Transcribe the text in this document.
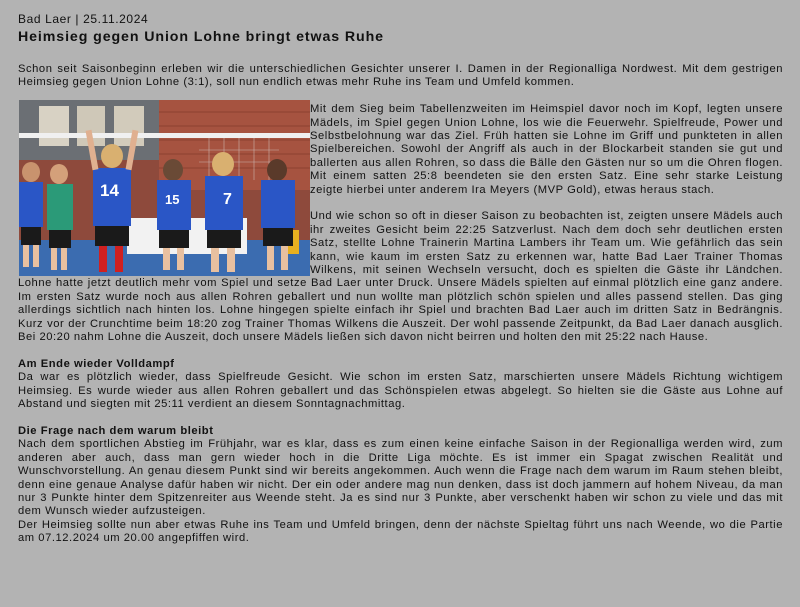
Bad Laer | 25.11.2024

Heimsieg gegen Union Lohne bringt etwas Ruhe

Schon seit Saisonbeginn erleben wir die unterschiedlichen Gesichter unserer I. Damen in der Regionalliga Nordwest. Mit dem gestrigen Heimsieg gegen Union Lohne (3:1), soll nun endlich etwas mehr Ruhe ins Team und Umfeld kommen.

14	15	7

Mit dem Sieg beim Tabellenzweiten im Heimspiel davor noch im Kopf, legten unsere Mädels, im Spiel gegen Union Lohne, los wie die Feuerwehr. Spielfreude, Power und Selbstbelohnung war das Ziel. Früh hatten sie Lohne im Griff und punkteten in allen Spielbereichen. Sowohl der Angriff als auch in der Blockarbeit standen sie gut und ballerten aus allen Rohren, so dass die Bälle den Gästen nur so um die Ohren flogen. Mit einem satten 25:8 beendeten sie den ersten Satz. Eine sehr starke Leistung zeigte hierbei unter anderem Ira Meyers (MVP Gold), etwas heraus stach.

Und wie schon so oft in dieser Saison zu beobachten ist, zeigten unsere Mädels auch ihr zweites Gesicht beim 22:25 Satzverlust. Nach dem doch sehr deutlichen ersten Satz, stellte Lohne Trainerin Martina Lambers ihr Team um. Wie gefährlich das sein kann, wie kaum im ersten Satz zu erkennen war, hatte Bad Laer Trainer Thomas Wilkens, mit seinen Wechseln versucht, doch es spielten die Gäste ihr Ländchen. Lohne hatte jetzt deutlich mehr vom Spiel und setze Bad Laer unter Druck. Unsere Mädels spielten auf einmal plötzlich eine ganz andere. Im ersten Satz wurde noch aus allen Rohren geballert und nun wollte man plötzlich schön spielen und alles passend stellen. Das ging allerdings sichtlich nach hinten los. Lohne hingegen spielte einfach ihr Spiel und brachten Bad Laer auch im dritten Satz in Bedrängnis. Kurz vor der Crunchtime beim 18:20 zog Trainer Thomas Wilkens die Auszeit. Der wohl passende Zeitpunkt, da Bad Laer danach ausglich. Bei 20:20 nahm Lohne die Auszeit, doch unsere Mädels ließen sich davon nicht beirren und holten den mit 25:22 nach Hause.

Am Ende wieder Volldampf

Da war es plötzlich wieder, dass Spielfreude Gesicht. Wie schon im ersten Satz, marschierten unsere Mädels Richtung wichtigem Heimsieg. Es wurde wieder aus allen Rohren geballert und das Schönspielen etwas abgelegt. So hielten sie die Gäste aus Lohne auf Abstand und siegten mit 25:11 verdient an diesem Sonntagnachmittag.

Die Frage nach dem warum bleibt

Nach dem sportlichen Abstieg im Frühjahr, war es klar, dass es zum einen keine einfache Saison in der Regionalliga werden wird, zum anderen aber auch, dass man gern wieder hoch in die Dritte Liga möchte. Es ist immer ein Spagat zwischen Realität und Wunschvorstellung. An genau diesem Punkt sind wir bereits angekommen. Auch wenn die Frage nach dem warum im Raum stehen bleibt, denn eine genaue Analyse dafür haben wir nicht. Der ein oder andere mag nun denken, dass ist doch jammern auf hohem Niveau, da man nur 3 Punkte hinter dem Spitzenreiter aus Weende steht. Ja es sind nur 3 Punkte, aber verschenkt haben wir schon zu viele und das mit dem Wunsch wieder aufzusteigen.

Der Heimsieg sollte nun aber etwas Ruhe ins Team und Umfeld bringen, denn der nächste Spieltag führt uns nach Weende, wo die Partie am 07.12.2024 um 20.00 angepfiffen wird.
